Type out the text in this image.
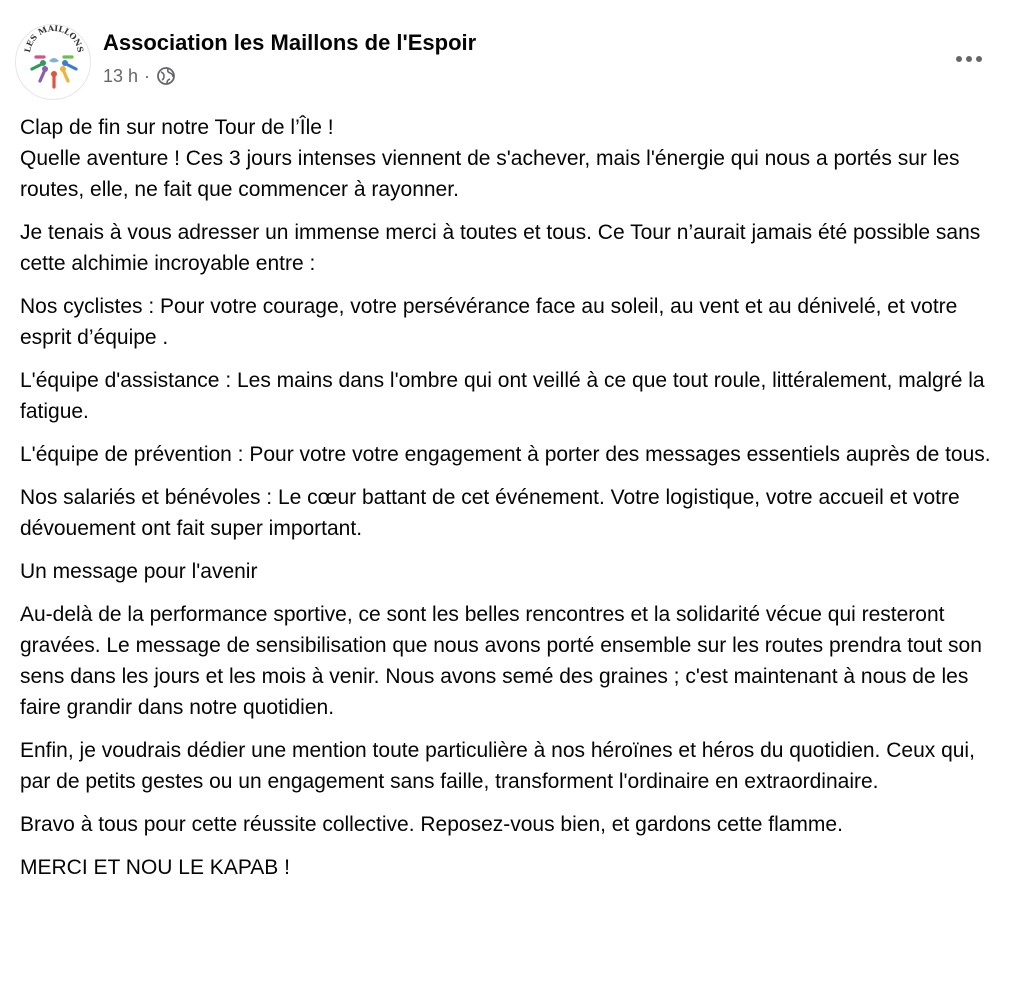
LES MAILLONS Association les Maillons de l'Espoir
13 h ·

Clap de fin sur notre Tour de l’Île !
Quelle aventure ! Ces 3 jours intenses viennent de s'achever, mais l'énergie qui nous a portés sur les routes, elle, ne fait que commencer à rayonner.

Je tenais à vous adresser un immense merci à toutes et tous. Ce Tour n’aurait jamais été possible sans cette alchimie incroyable entre :

Nos cyclistes : Pour votre courage, votre persévérance face au soleil, au vent et au dénivelé, et votre esprit d’équipe .

L'équipe d'assistance : Les mains dans l'ombre qui ont veillé à ce que tout roule, littéralement, malgré la fatigue.

L'équipe de prévention : Pour votre votre engagement à porter des messages essentiels auprès de tous.

Nos salariés et bénévoles : Le cœur battant de cet événement. Votre logistique, votre accueil et votre dévouement ont fait super important.

Un message pour l'avenir

Au-delà de la performance sportive, ce sont les belles rencontres et la solidarité vécue qui resteront gravées. Le message de sensibilisation que nous avons porté ensemble sur les routes prendra tout son sens dans les jours et les mois à venir. Nous avons semé des graines ; c'est maintenant à nous de les faire grandir dans notre quotidien.

Enfin, je voudrais dédier une mention toute particulière à nos héroïnes et héros du quotidien. Ceux qui, par de petits gestes ou un engagement sans faille, transforment l'ordinaire en extraordinaire.

Bravo à tous pour cette réussite collective. Reposez-vous bien, et gardons cette flamme.

MERCI ET NOU LE KAPAB !
